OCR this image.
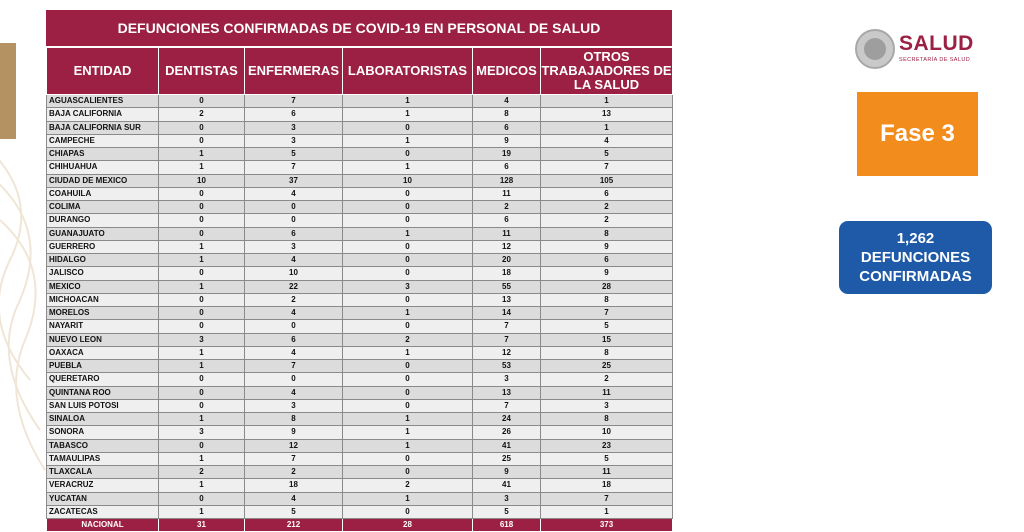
DEFUNCIONES CONFIRMADAS DE COVID-19 EN PERSONAL DE SALUD
ENTIDAD	DENTISTAS	ENFERMERAS	LABORATORISTAS	MEDICOS	OTROS TRABAJADORES DE LA SALUD
AGUASCALIENTES	0	7	1	4	1
BAJA CALIFORNIA	2	6	1	8	13
BAJA CALIFORNIA SUR	0	3	0	6	1
CAMPECHE	0	3	1	9	4
CHIAPAS	1	5	0	19	5
CHIHUAHUA	1	7	1	6	7
CIUDAD DE MEXICO	10	37	10	128	105
COAHUILA	0	4	0	11	6
COLIMA	0	0	0	2	2
DURANGO	0	0	0	6	2
GUANAJUATO	0	6	1	11	8
GUERRERO	1	3	0	12	9
HIDALGO	1	4	0	20	6
JALISCO	0	10	0	18	9
MEXICO	1	22	3	55	28
MICHOACAN	0	2	0	13	8
MORELOS	0	4	1	14	7
NAYARIT	0	0	0	7	5
NUEVO LEON	3	6	2	7	15
OAXACA	1	4	1	12	8
PUEBLA	1	7	0	53	25
QUERETARO	0	0	0	3	2
QUINTANA ROO	0	4	0	13	11
SAN LUIS POTOSI	0	3	0	7	3
SINALOA	1	8	1	24	8
SONORA	3	9	1	26	10
TABASCO	0	12	1	41	23
TAMAULIPAS	1	7	0	25	5
TLAXCALA	2	2	0	9	11
VERACRUZ	1	18	2	41	18
YUCATAN	0	4	1	3	7
ZACATECAS	1	5	0	5	1
NACIONAL	31	212	28	618	373
SALUD
SECRETARÍA DE SALUD
Fase 3
1,262
DEFUNCIONES
CONFIRMADAS
